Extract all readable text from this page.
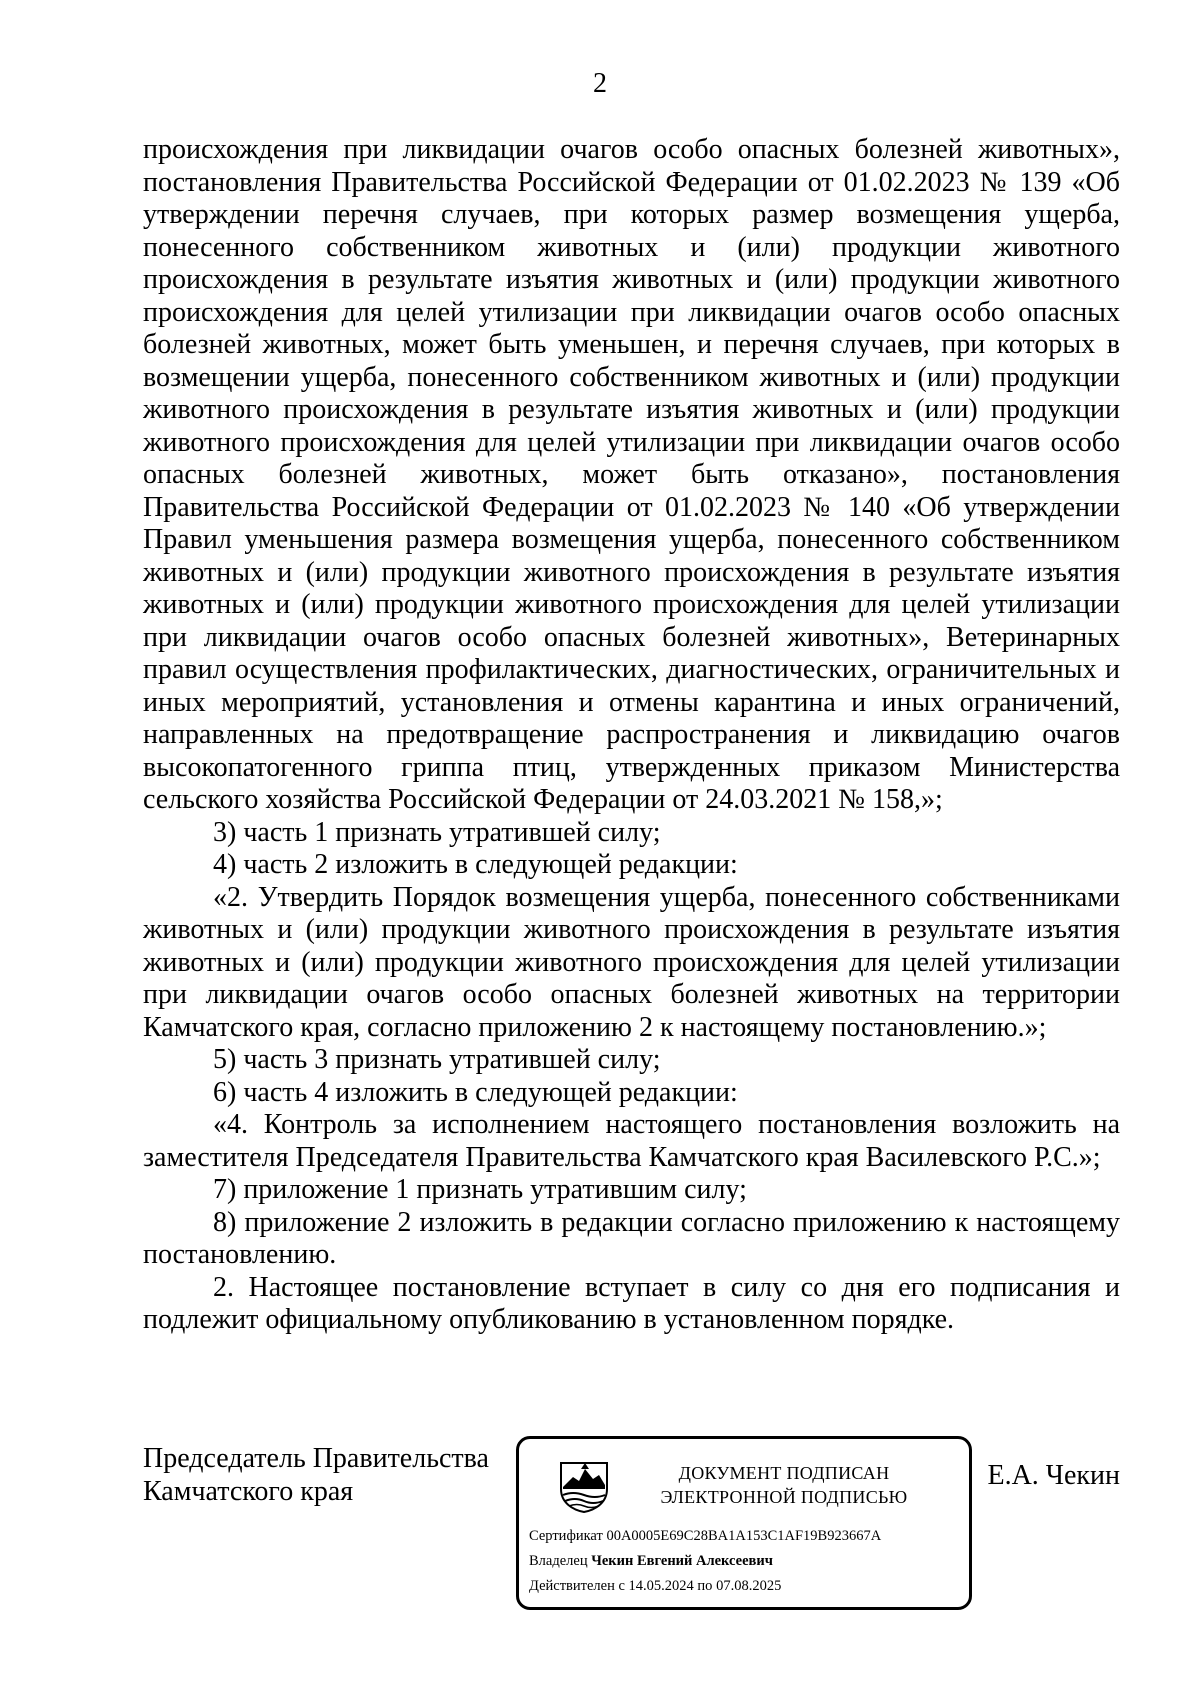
2

происхождения при ликвидации очагов особо опасных болезней животных», постановления Правительства Российской Федерации от 01.02.2023 № 139 «Об утверждении перечня случаев, при которых размер возмещения ущерба, понесенного собственником животных и (или) продукции животного происхождения в результате изъятия животных и (или) продукции животного происхождения для целей утилизации при ликвидации очагов особо опасных болезней животных, может быть уменьшен, и перечня случаев, при которых в возмещении ущерба, понесенного собственником животных и (или) продукции животного происхождения в результате изъятия животных и (или) продукции животного происхождения для целей утилизации при ликвидации очагов особо опасных болезней животных, может быть отказано», постановления Правительства Российской Федерации от 01.02.2023 № 140 «Об утверждении Правил уменьшения размера возмещения ущерба, понесенного собственником животных и (или) продукции животного происхождения в результате изъятия животных и (или) продукции животного происхождения для целей утилизации при ликвидации очагов особо опасных болезней животных», Ветеринарных правил осуществления профилактических, диагностических, ограничительных и иных мероприятий, установления и отмены карантина и иных ограничений, направленных на предотвращение распространения и ликвидацию очагов высокопатогенного гриппа птиц, утвержденных приказом Министерства сельского хозяйства Российской Федерации от 24.03.2021 № 158,»;

3) часть 1 признать утратившей силу;

4) часть 2 изложить в следующей редакции:

«2. Утвердить Порядок возмещения ущерба, понесенного собственниками животных и (или) продукции животного происхождения в результате изъятия животных и (или) продукции животного происхождения для целей утилизации при ликвидации очагов особо опасных болезней животных на территории Камчатского края, согласно приложению 2 к настоящему постановлению.»;

5) часть 3 признать утратившей силу;

6) часть 4 изложить в следующей редакции:

«4. Контроль за исполнением настоящего постановления возложить на заместителя Председателя Правительства Камчатского края Василевского Р.С.»;

7) приложение 1 признать утратившим силу;

8) приложение 2 изложить в редакции согласно приложению к настоящему постановлению.

2. Настоящее постановление вступает в силу со дня его подписания и подлежит официальному опубликованию в установленном порядке.

Председатель Правительства
Камчатского края
ДОКУМЕНТ ПОДПИСАН
ЭЛЕКТРОННОЙ ПОДПИСЬЮ
Сертификат 00A0005E69C28BA1A153C1AF19B923667A
Владелец Чекин Евгений Алексеевич
Действителен с 14.05.2024 по 07.08.2025
Е.А. Чекин
